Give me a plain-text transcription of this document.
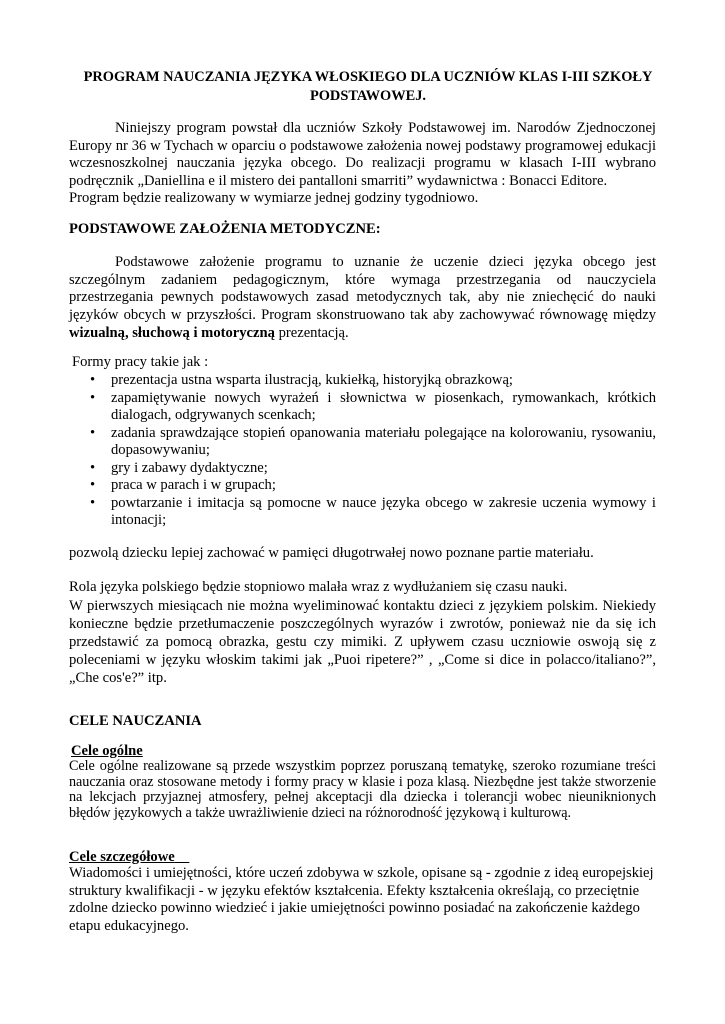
PROGRAM NAUCZANIA JĘZYKA WŁOSKIEGO DLA UCZNIÓW KLAS I-III SZKOŁY PODSTAWOWEJ.

Niniejszy program powstał dla uczniów Szkoły Podstawowej im. Narodów Zjednoczonej Europy nr 36 w Tychach w oparciu o podstawowe założenia nowej podstawy programowej edukacji wczesnoszkolnej nauczania języka obcego. Do realizacji programu w klasach I-III wybrano podręcznik „Daniellina e il mistero dei pantalloni smarriti” wydawnictwa : Bonacci Editore.

Program będzie realizowany w wymiarze jednej godziny tygodniowo.

PODSTAWOWE ZAŁOŻENIA METODYCZNE:

Podstawowe założenie programu to uznanie że uczenie dzieci języka obcego jest szczególnym zadaniem pedagogicznym, które wymaga przestrzegania od nauczyciela przestrzegania pewnych podstawowych zasad metodycznych tak, aby nie zniechęcić do nauki języków obcych w przyszłości. Program skonstruowano tak aby zachowywać równowagę między wizualną, słuchową i motoryczną prezentacją.

Formy pracy takie jak :
• prezentacja ustna wsparta ilustracją, kukiełką, historyjką obrazkową;
• zapamiętywanie nowych wyrażeń i słownictwa w piosenkach, rymowankach, krótkich dialogach, odgrywanych scenkach;
• zadania sprawdzające stopień opanowania materiału polegające na kolorowaniu, rysowaniu, dopasowywaniu;
• gry i zabawy dydaktyczne;
• praca w parach i w grupach;
• powtarzanie i imitacja są pomocne w nauce języka obcego w zakresie uczenia wymowy i intonacji;
pozwolą dziecku lepiej zachować w pamięci długotrwałej nowo poznane partie materiału.
Rola języka polskiego będzie stopniowo malała wraz z wydłużaniem się czasu nauki.
W pierwszych miesiącach nie można wyeliminować kontaktu dzieci z językiem polskim. Niekiedy konieczne będzie przetłumaczenie poszczególnych wyrazów i zwrotów, ponieważ nie da się ich przedstawić za pomocą obrazka, gestu czy mimiki. Z upływem czasu uczniowie oswoją się z poleceniami w języku włoskim takimi jak „Puoi ripetere?” , „Come si dice in polacco/italiano?”, „Che cos'e?” itp.
CELE NAUCZANIA
Cele ogólne
Cele ogólne realizowane są przede wszystkim poprzez poruszaną tematykę, szeroko rozumiane treści nauczania oraz stosowane metody i formy pracy w klasie i poza klasą. Niezbędne jest także stworzenie na lekcjach przyjaznej atmosfery, pełnej akceptacji dla dziecka i tolerancji wobec nieuniknionych błędów językowych a także uwrażliwienie dzieci na różnorodność językową i kulturową.
Cele szczegółowe
Wiadomości i umiejętności, które uczeń zdobywa w szkole, opisane są - zgodnie z ideą europejskiej struktury kwalifikacji - w języku efektów kształcenia. Efekty kształcenia określają, co przeciętnie zdolne dziecko powinno wiedzieć i jakie umiejętności powinno posiadać na zakończenie każdego etapu edukacyjnego.
